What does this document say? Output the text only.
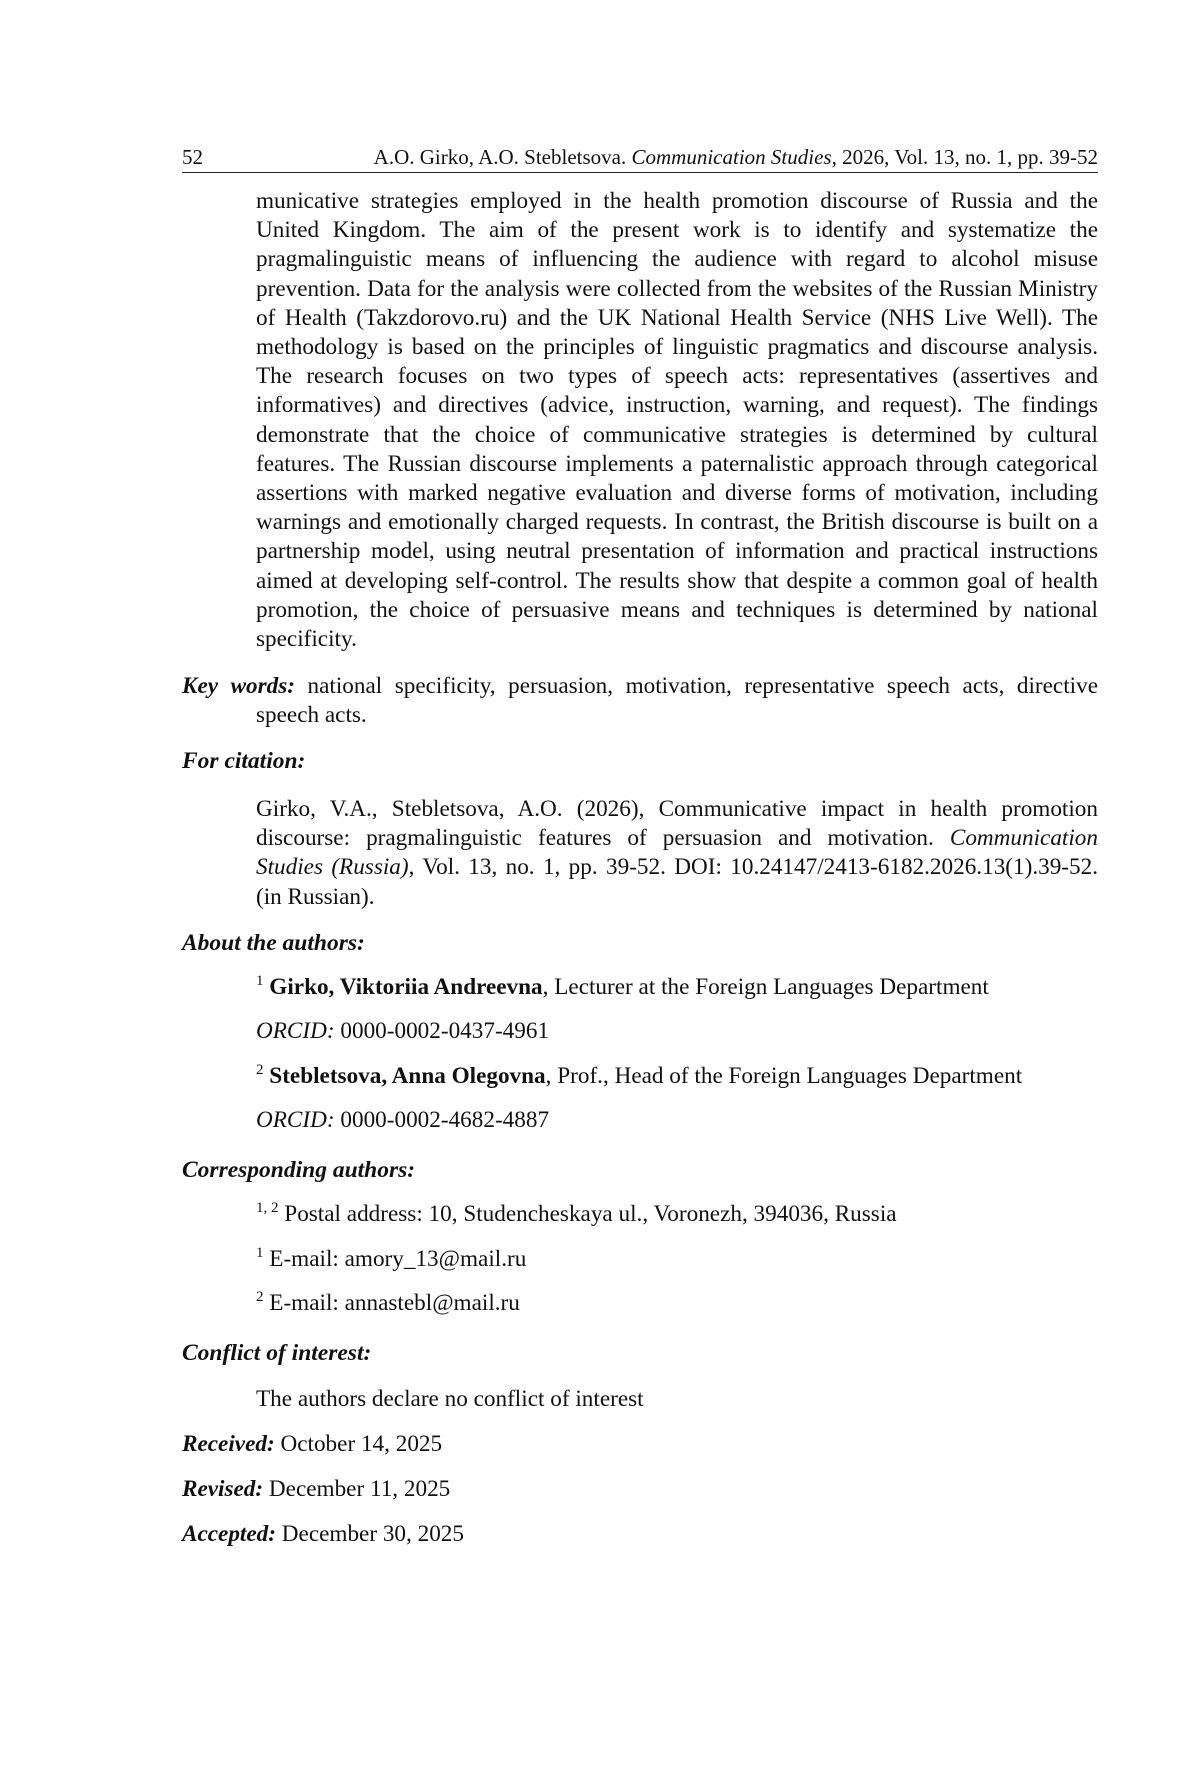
52	A.O. Girko, A.O. Stebletsova. Communication Studies, 2026, Vol. 13, no. 1, pp. 39-52

municative strategies employed in the health promotion discourse of Russia and the United Kingdom. The aim of the present work is to identify and systematize the pragmalinguistic means of influencing the audience with regard to alcohol misuse prevention. Data for the analysis were collected from the websites of the Russian Ministry of Health (Takzdorovo.ru) and the UK National Health Service (NHS Live Well). The methodology is based on the principles of linguistic pragmatics and discourse analysis. The research focuses on two types of speech acts: representatives (assertives and informatives) and directives (advice, instruction, warning, and request). The findings demonstrate that the choice of communicative strategies is determined by cultural features. The Russian discourse implements a paternalistic approach through categorical assertions with marked negative evaluation and diverse forms of motivation, including warnings and emotionally charged requests. In contrast, the British discourse is built on a partnership model, using neutral presentation of information and practical instructions aimed at developing self-control. The results show that despite a common goal of health promotion, the choice of persuasive means and techniques is determined by national specificity.

Key words: national specificity, persuasion, motivation, representative speech acts, directive speech acts.

For citation:

Girko, V.A., Stebletsova, A.O. (2026), Communicative impact in health promotion discourse: pragmalinguistic features of persuasion and motivation. Communication Studies (Russia), Vol. 13, no. 1, pp. 39-52. DOI: 10.24147/2413-6182.2026.13(1).39-52. (in Russian).

About the authors:

$^1$ Girko, Viktoriia Andreevna, Lecturer at the Foreign Languages Department

ORCID: 0000-0002-0437-4961

$^2$ Stebletsova, Anna Olegovna, Prof., Head of the Foreign Languages Department

ORCID: 0000-0002-4682-4887

Corresponding authors:

$^{1, 2}$ Postal address: 10, Studencheskaya ul., Voronezh, 394036, Russia

$^1$ E-mail: amory_13@mail.ru

$^2$ E-mail: annastebl@mail.ru

Conflict of interest:

The authors declare no conflict of interest

Received: October 14, 2025

Revised: December 11, 2025

Accepted: December 30, 2025
